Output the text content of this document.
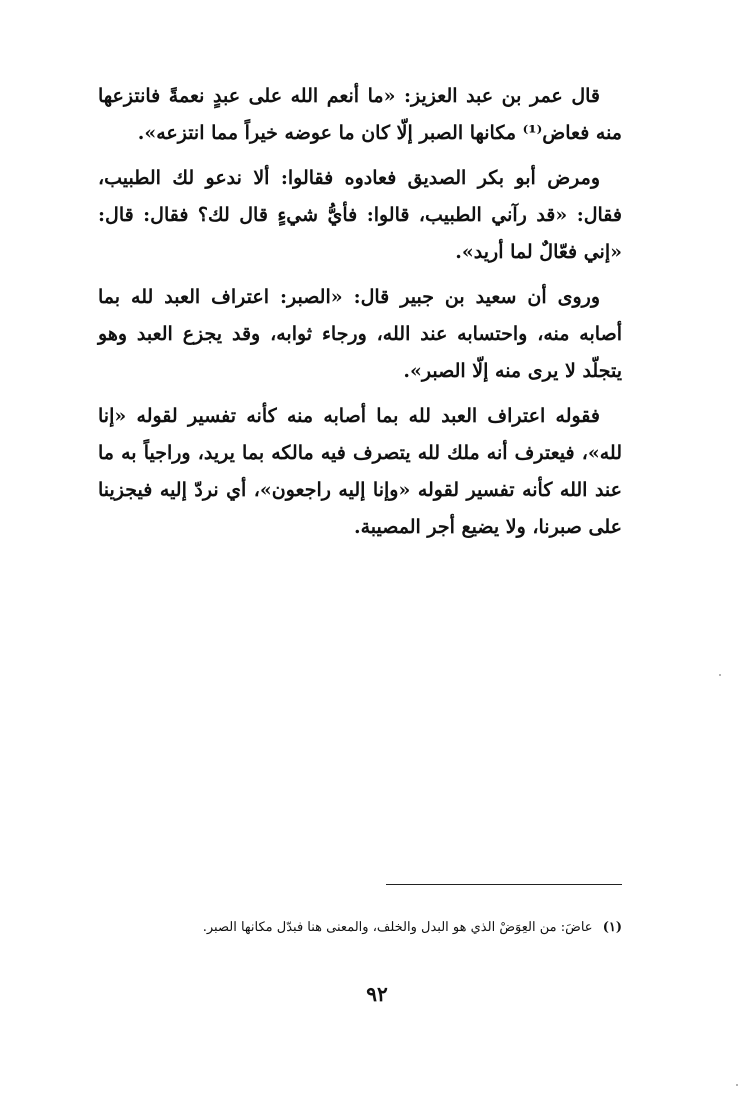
قال عمر بن عبد العزيز: «ما أنعم الله على عبدٍ نعمةً فانتزعها منه فعاض⁽¹⁾ مكانها الصبر إلّا كان ما عوضه خيراً مما انتزعه».

ومرض أبو بكر الصديق فعادوه فقالوا: ألا ندعو لك الطبيب، فقال: «قد رآني الطبيب، قالوا: فأيُّ شيءٍ قال لك؟ فقال: قال: «إني فعّالٌ لما أريد».

وروى أن سعيد بن جبير قال: «الصبر: اعتراف العبد لله بما أصابه منه، واحتسابه عند الله، ورجاء ثوابه، وقد يجزع العبد وهو يتجلّد لا يرى منه إلّا الصبر».

فقوله اعتراف العبد لله بما أصابه منه كأنه تفسير لقوله «إنا لله»، فيعترف أنه ملك لله يتصرف فيه مالكه بما يريد، وراجياً به ما عند الله كأنه تفسير لقوله «وإنا إليه راجعون»، أي نردّ إليه فيجزينا على صبرنا، ولا يضيع أجر المصيبة.

(١) عاضَ: من العِوَضْ الذي هو البدل والخلف، والمعنى هنا فبدّل مكانها الصبر.
٩٢
